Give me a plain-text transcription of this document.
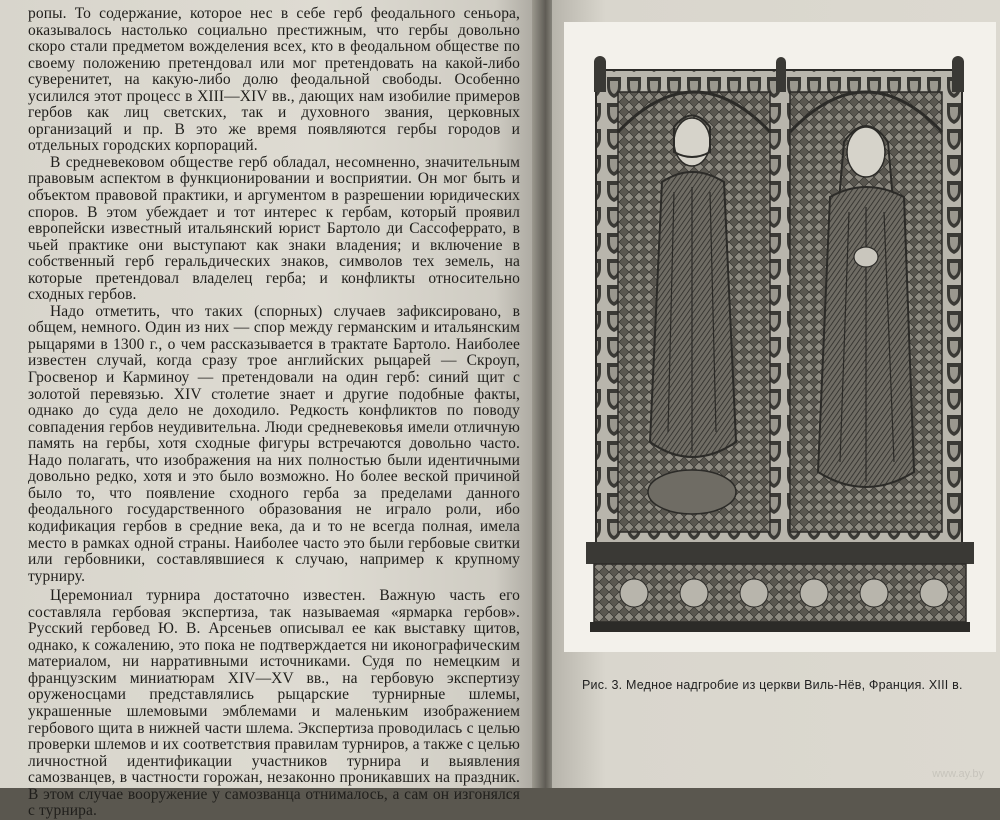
ропы. То содержание, которое нес в себе герб феодального сеньора, оказывалось настолько социально престижным, что гербы довольно скоро стали предметом вожделения всех, кто в феодальном обществе по своему положению претендовал или мог претендовать на какой-либо суверенитет, на какую-либо долю феодальной свободы. Особенно усилился этот процесс в XIII—XIV вв., дающих нам изобилие примеров гербов как лиц светских, так и духовного звания, церковных организаций и пр. В это же время появляются гербы городов и отдельных городских корпораций.

В средневековом обществе герб обладал, несомненно, значительным правовым аспектом в функционировании и восприятии. Он мог быть и объектом правовой практики, и аргументом в разрешении юридических споров. В этом убеждает и тот интерес к гербам, который проявил европейски известный итальянский юрист Бартоло ди Сассоферрато, в чьей практике они выступают как знаки владения; и включение в собственный герб геральдических знаков, символов тех земель, на которые претендовал владелец герба; и конфликты относительно сходных гербов.

Надо отметить, что таких (спорных) случаев зафиксировано, в общем, немного. Один из них — спор между германским и итальянским рыцарями в 1300 г., о чем рассказывается в трактате Бартоло. Наиболее известен случай, когда сразу трое английских рыцарей — Скроуп, Гросвенор и Карминоу — претендовали на один герб: синий щит с золотой перевязью. XIV столетие знает и другие подобные факты, однако до суда дело не доходило. Редкость конфликтов по поводу совпадения гербов неудивительна. Люди средневековья имели отличную память на гербы, хотя сходные фигуры встречаются довольно часто. Надо полагать, что изображения на них полностью были идентичными довольно редко, хотя и это было возможно. Но более веской причиной было то, что появление сходного герба за пределами данного феодального государственного образования не играло роли, ибо кодификация гербов в средние века, да и то не всегда полная, имела место в рамках одной страны. Наиболее часто это были гербовые свитки или гербовники, составлявшиеся к случаю, например к крупному турниру.

Церемониал турнира достаточно известен. Важную часть его составляла гербовая экспертиза, так называемая «ярмарка гербов». Русский гербовед Ю. В. Арсеньев описывал ее как выставку щитов, однако, к сожалению, это пока не подтверждается ни иконографическим материалом, ни нарративными источниками. Судя по немецким и французским миниатюрам XIV—XV вв., на гербовую экспертизу оруженосцами представлялись рыцарские турнирные шлемы, украшенные шлемовыми эмблемами и маленьким изображением гербового щита в нижней части шлема. Экспертиза проводилась с целью проверки шлемов и их соответствия правилам турниров, а также с целью личностной идентификации участников турнира и выявления самозванцев, в частности горожан, незаконно проникавших на праздник. В этом случае вооружение у самозванца отнималось, а сам он изгонялся с турнира.

Рис. 3. Медное надгробие из церкви Виль-Нёв, Франция. XIII в.
www.ay.by
